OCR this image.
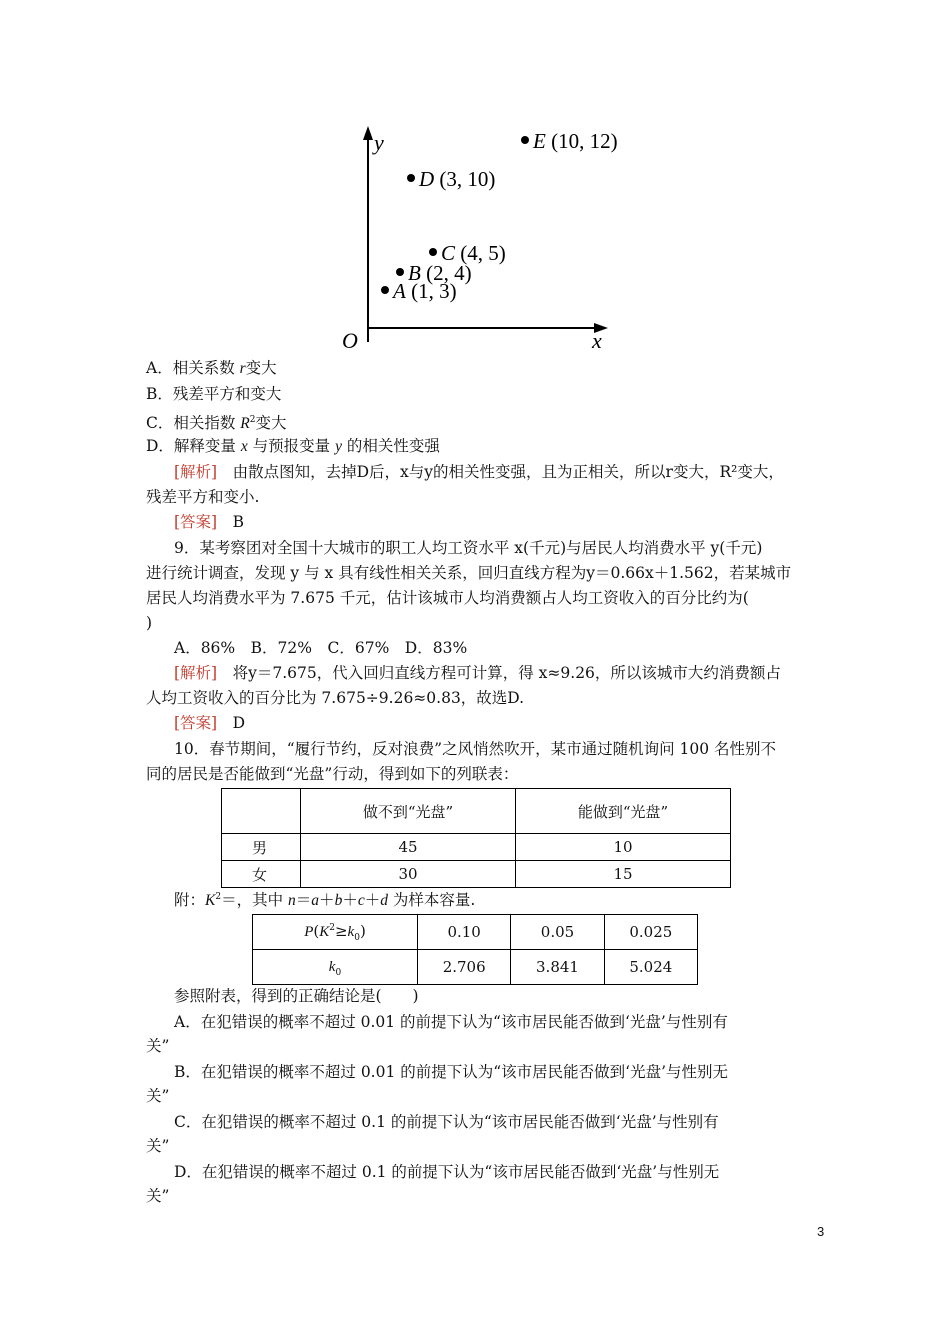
O	x
y
A (1, 3)
B (2, 4)
C (4, 5)
D (3, 10)
E (10, 12)
A．相关系数 r变大
B．残差平方和变大
C．相关指数 $R^2$变大
D．解释变量 x 与预报变量 y 的相关性变强
[解析]　 由散点图知，去掉D后，x与y的相关性变强，且为正相关，所以r变大，R²变大，
残差平方和变小.
[答案]　 B
9．某考察团对全国十大城市的职工人均工资水平 x(千元)与居民人均消费水平 y(千元)
进行统计调查，发现 y 与 x 具有线性相关关系，回归直线方程为y＝0.66x＋1.562，若某城市
居民人均消费水平为 7.675 千元，估计该城市人均消费额占人均工资收入的百分比约为(
)
A．86%　B．72%　C．67%　D．83%
[解析]　 将y＝7.675，代入回归直线方程可计算，得 x≈9.26，所以该城市大约消费额占
人均工资收入的百分比为 7.675÷9.26≈0.83，故选D.
[答案]　 D
10．春节期间，“履行节约，反对浪费”之风悄然吹开，某市通过随机询问 100 名性别不
同的居民是否能做到“光盘”行动，得到如下的列联表：
	做不到“光盘”	能做到“光盘”
男	45	10
女	30	15
附：$K^2=$，其中 n＝a＋b＋c＋d 为样本容量.
$P(K^2\ge k_0)$	0.10	0.05	0.025
$k_0$	2.706	3.841	5.024
参照附表，得到的正确结论是(　　)
A．在犯错误的概率不超过 0.01 的前提下认为“该市居民能否做到‘光盘’与性别有
关”
B．在犯错误的概率不超过 0.01 的前提下认为“该市居民能否做到‘光盘’与性别无
关”
C．在犯错误的概率不超过 0.1 的前提下认为“该市居民能否做到‘光盘’与性别有
关”
D．在犯错误的概率不超过 0.1 的前提下认为“该市居民能否做到‘光盘’与性别无
关”
3
